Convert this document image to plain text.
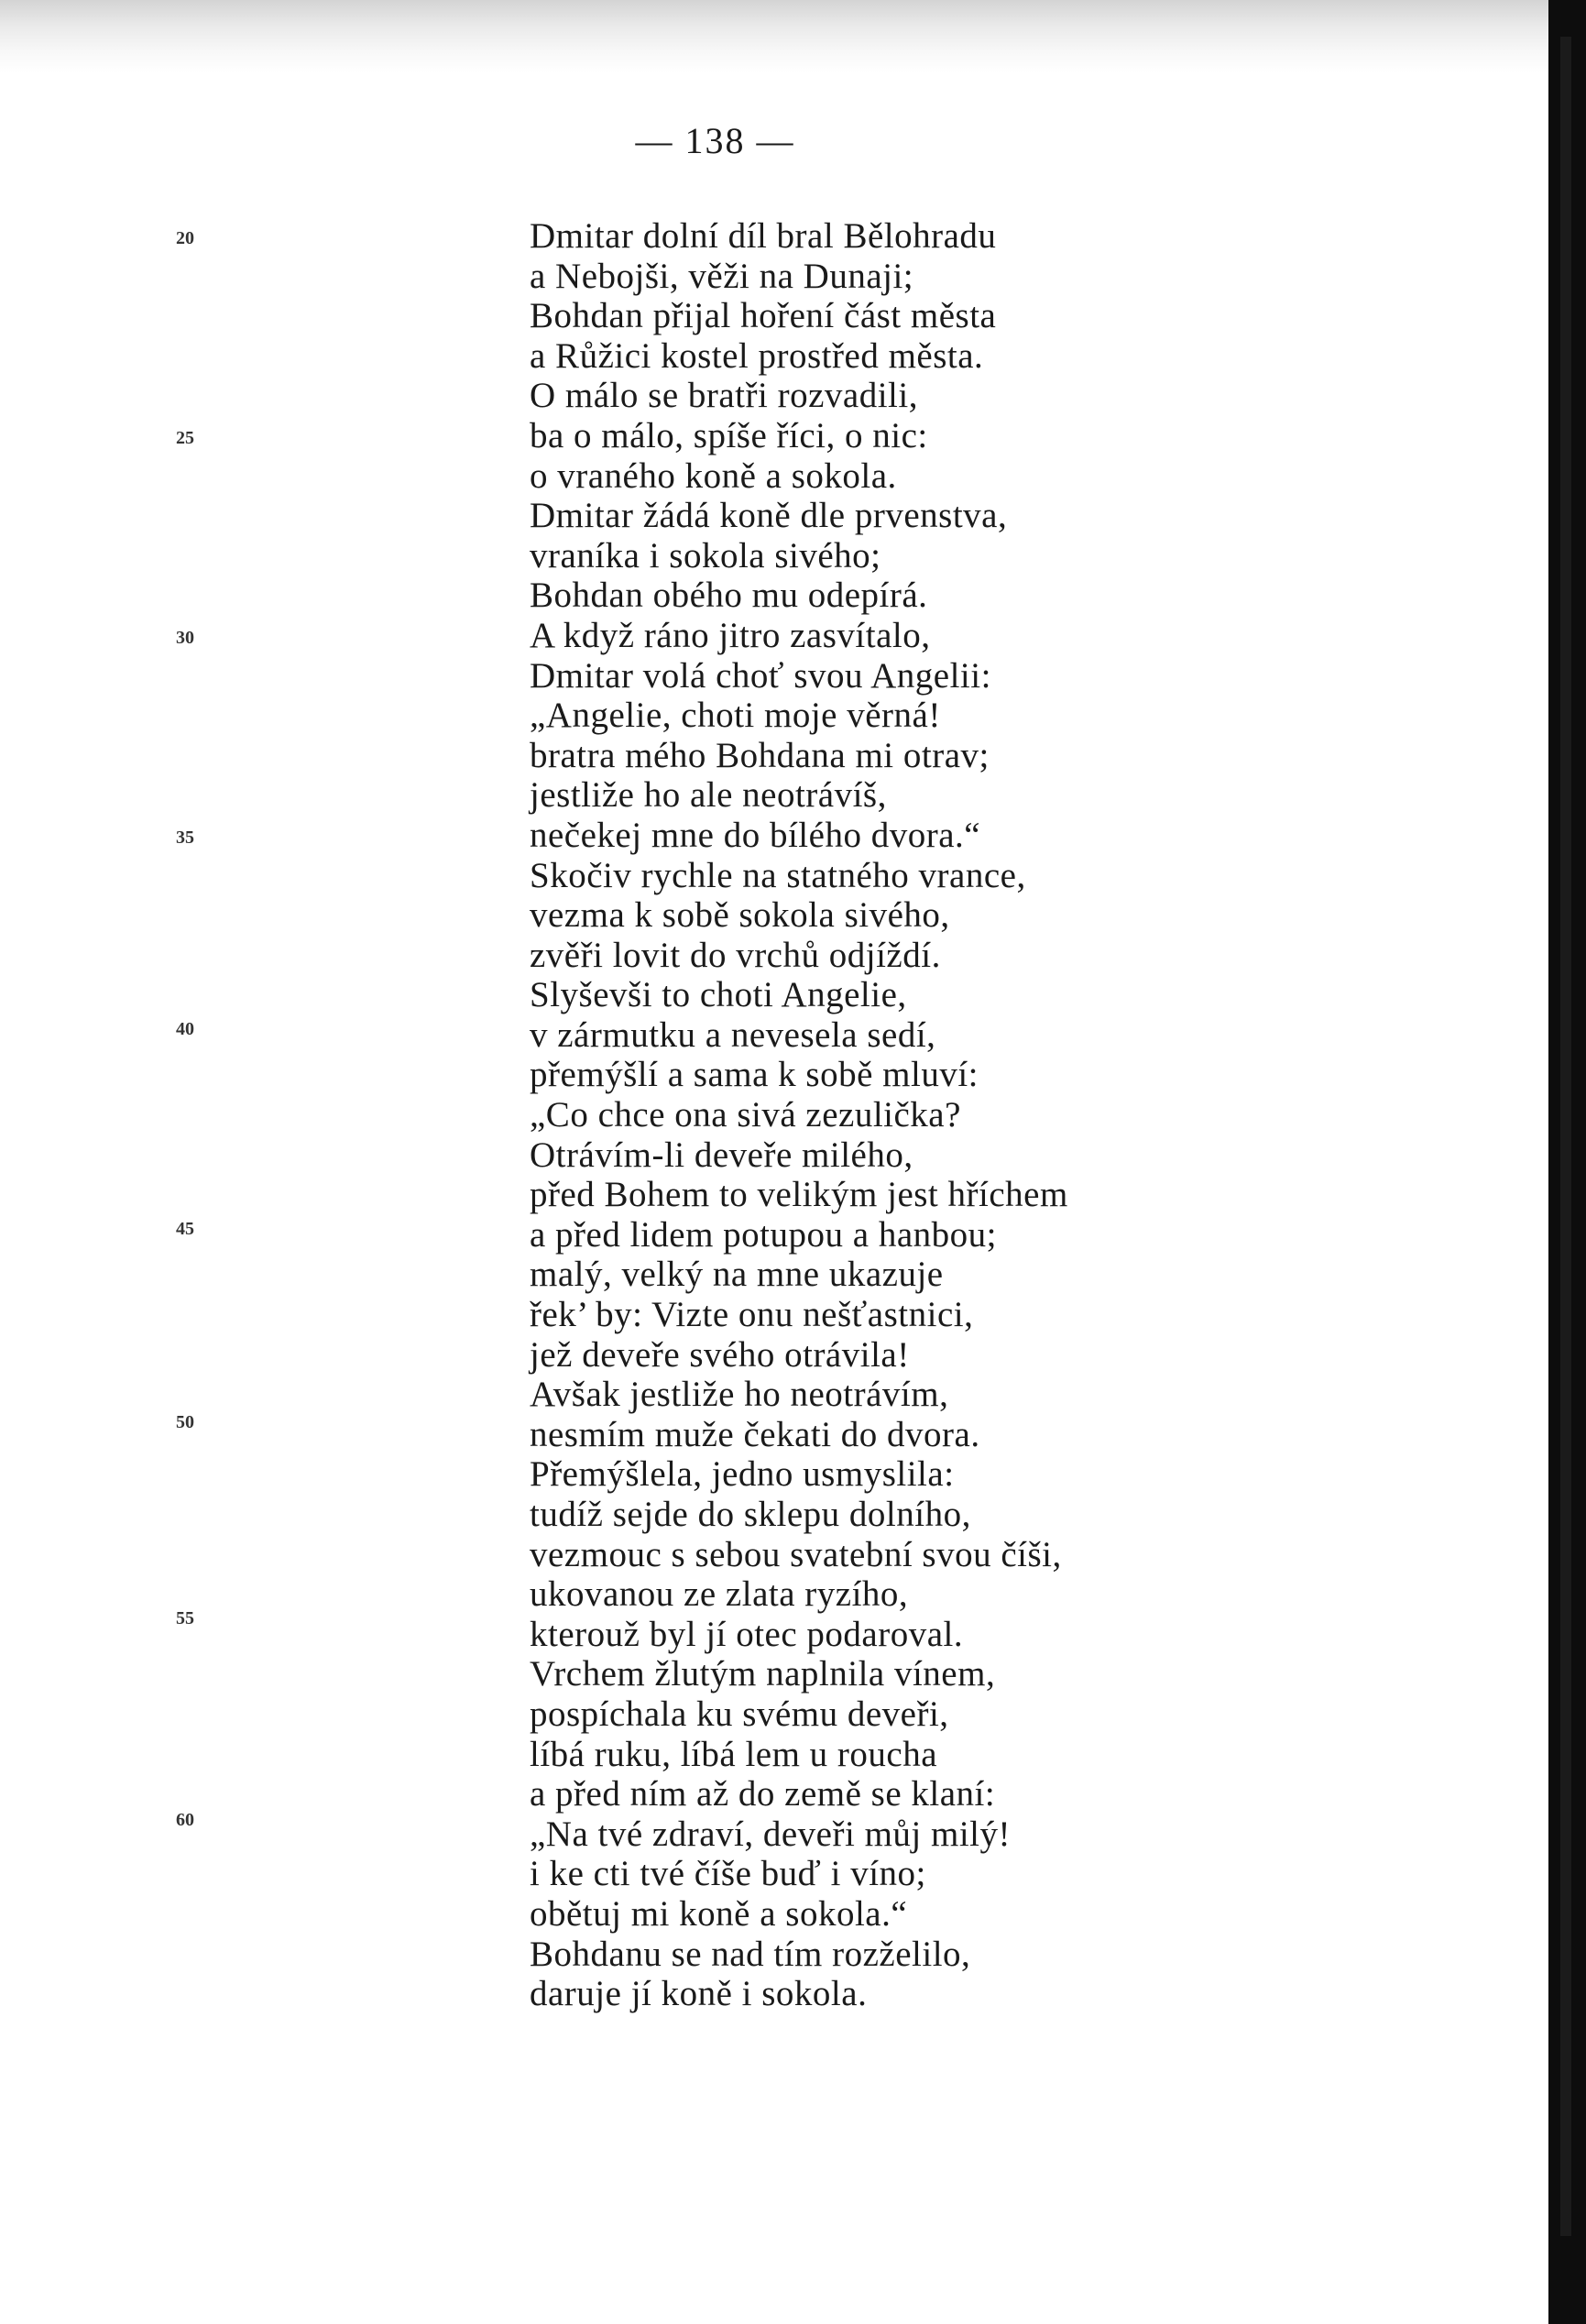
— 138 —
20
25
30
35
40
45
50
55
60
Dmitar dolní díl bral Bělohradu
a Nebojši, věži na Dunaji;
Bohdan přijal hoření část města
a Růžici kostel prostřed města.
O málo se bratři rozvadili,
ba o málo, spíše říci, o nic:
o vraného koně a sokola.
Dmitar žádá koně dle prvenstva,
vraníka i sokola sivého;
Bohdan obého mu odepírá.
A když ráno jitro zasvítalo,
Dmitar volá choť svou Angelii:
„Angelie, choti moje věrná!
bratra mého Bohdana mi otrav;
jestliže ho ale neotrávíš,
nečekej mne do bílého dvora.“
Skočiv rychle na statného vrance,
vezma k sobě sokola sivého,
zvěři lovit do vrchů odjíždí.
Slyševši to choti Angelie,
v zármutku a nevesela sedí,
přemýšlí a sama k sobě mluví:
„Co chce ona sivá zezulička?
Otrávím-li deveře milého,
před Bohem to velikým jest hříchem
a před lidem potupou a hanbou;
malý, velký na mne ukazuje
řek’ by: Vizte onu nešťastnici,
jež deveře svého otrávila!
Avšak jestliže ho neotrávím,
nesmím muže čekati do dvora.
Přemýšlela, jedno usmyslila:
tudíž sejde do sklepu dolního,
vezmouc s sebou svatební svou číši,
ukovanou ze zlata ryzího,
kterouž byl jí otec podaroval.
Vrchem žlutým naplnila vínem,
pospíchala ku svému deveři,
líbá ruku, líbá lem u roucha
a před ním až do země se klaní:
„Na tvé zdraví, deveři můj milý!
i ke cti tvé číše buď i víno;
obětuj mi koně a sokola.“
Bohdanu se nad tím rozželilo,
daruje jí koně i sokola.
